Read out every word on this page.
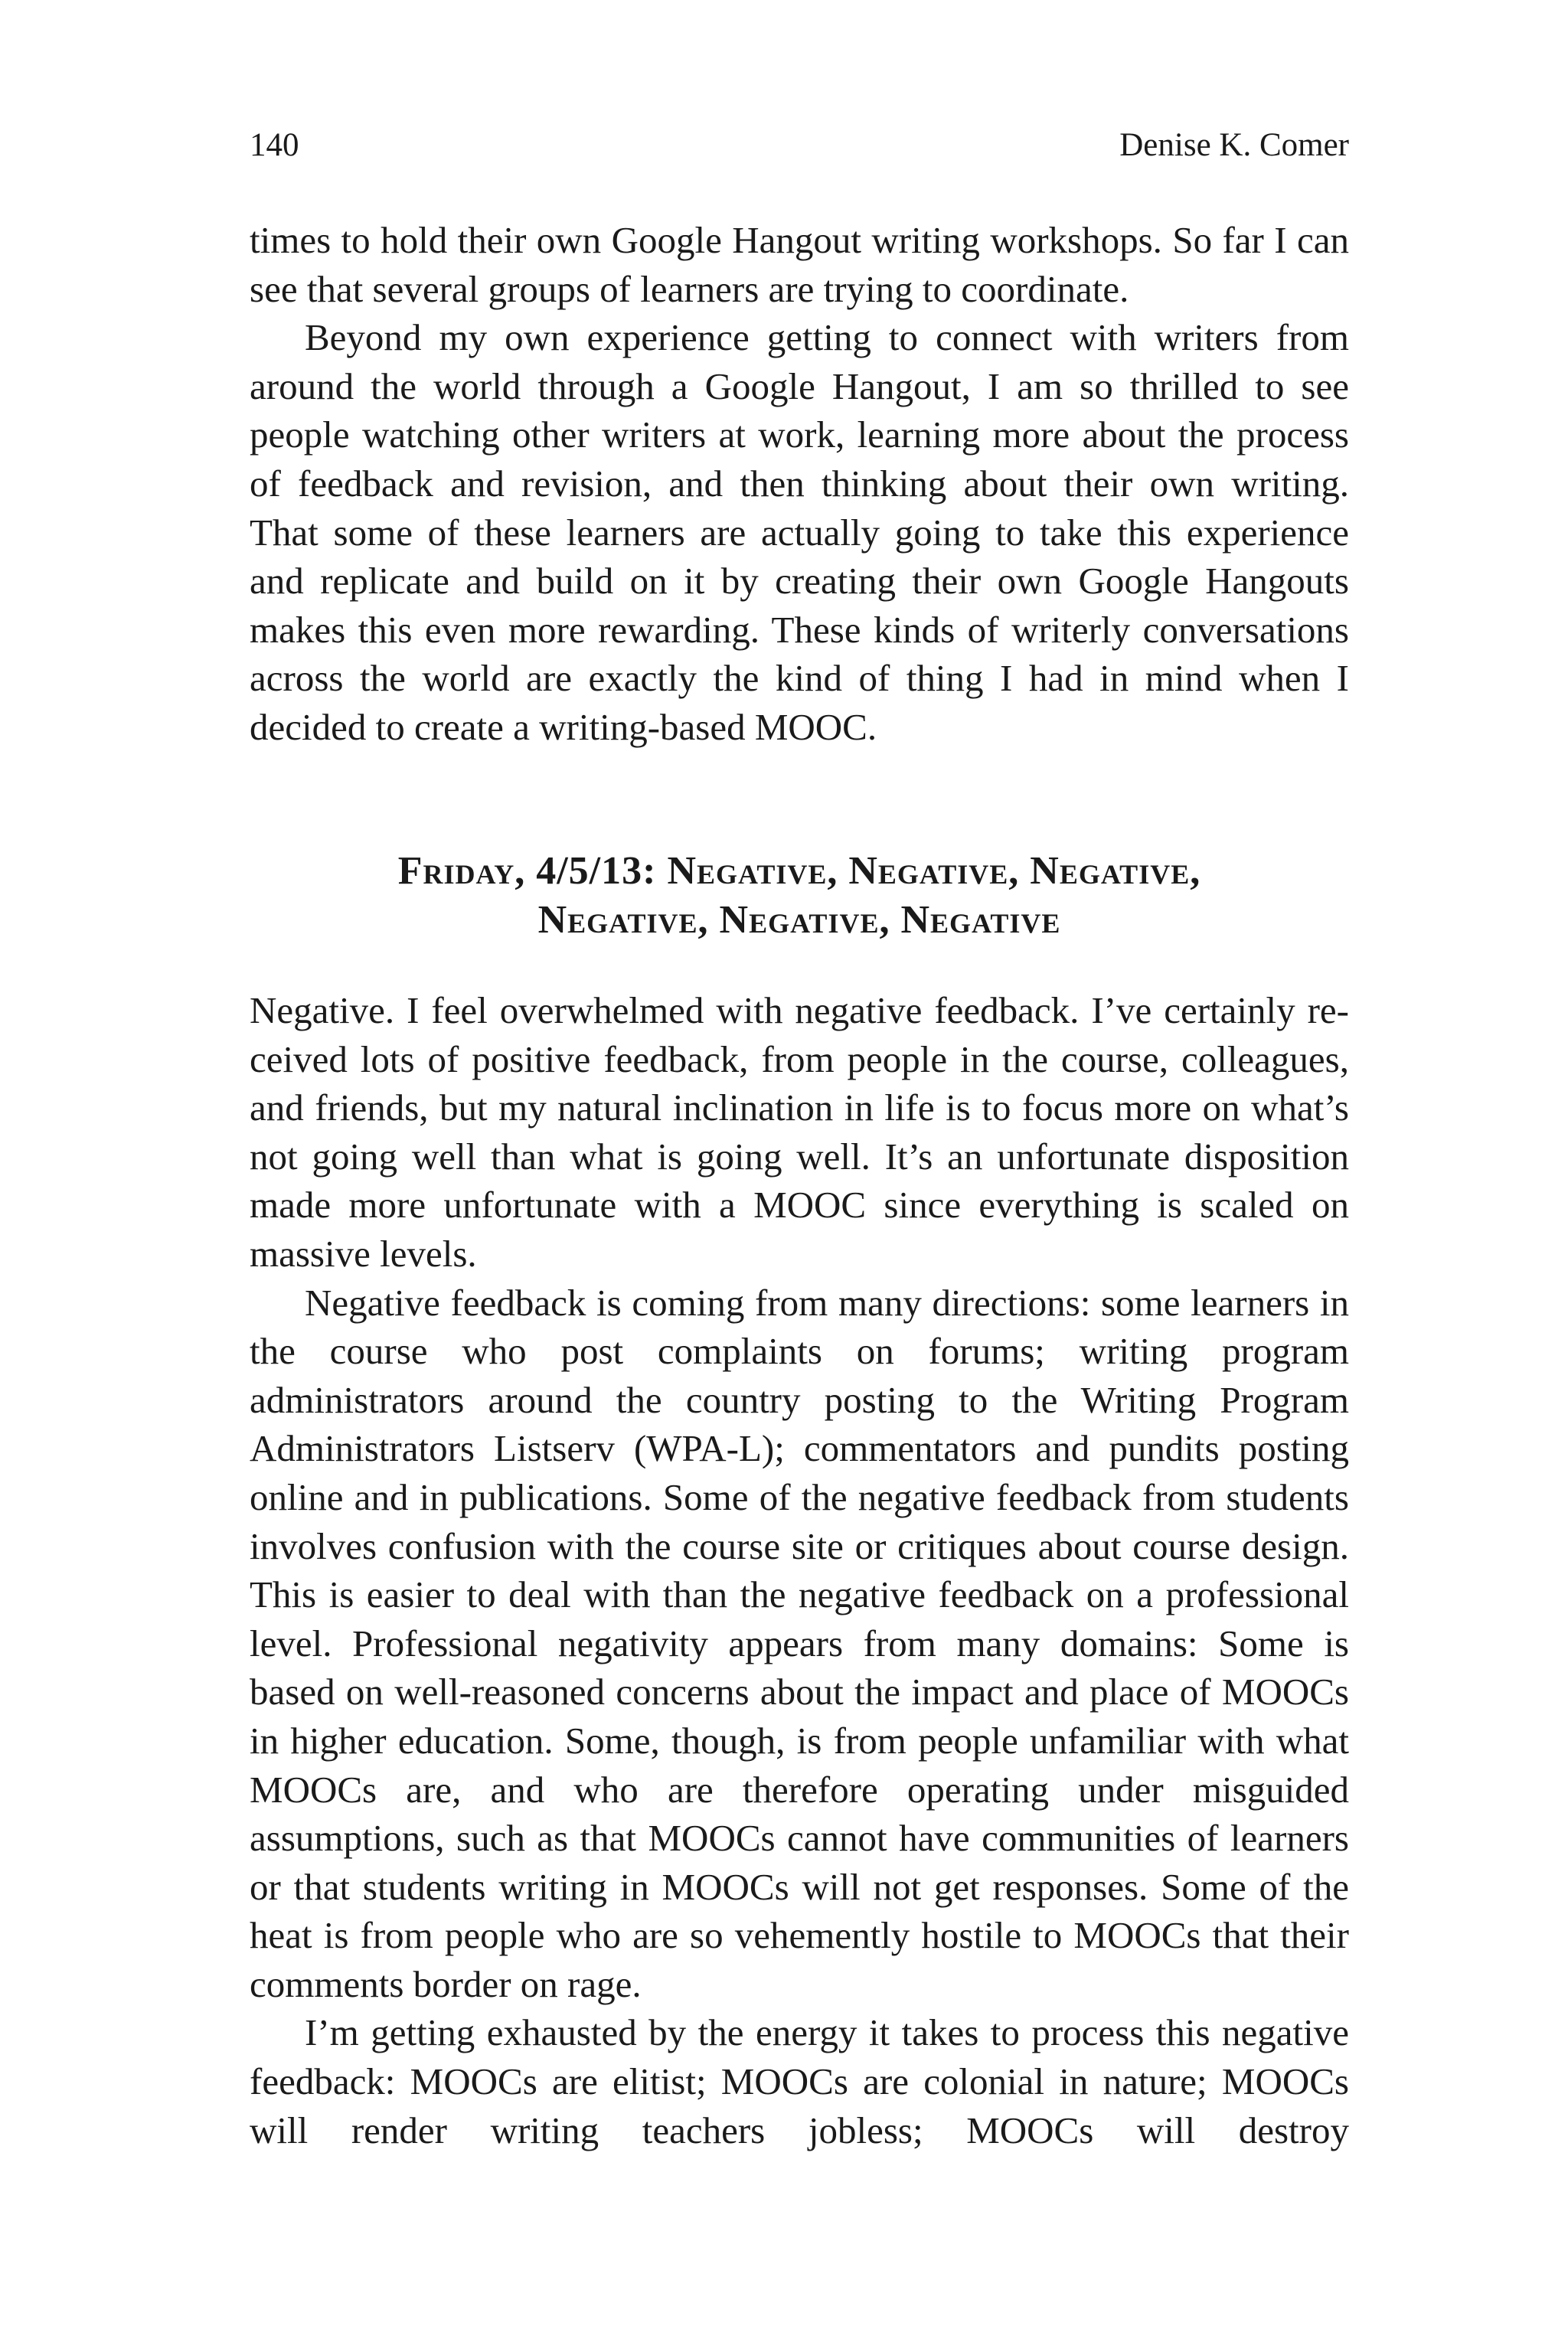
140	Denise K. Comer

times to hold their own Google Hangout writing workshops. So far I can see that several groups of learners are trying to coordinate.

Beyond my own experience getting to connect with writers from around the world through a Google Hangout, I am so thrilled to see people watching other writers at work, learning more about the process of feedback and revision, and then thinking about their own writing. That some of these learners are actually going to take this experience and replicate and build on it by creating their own Google Hangouts makes this even more rewarding. These kinds of writerly conversations across the world are exactly the kind of thing I had in mind when I decided to create a writing-based MOOC.

Friday, 4/5/13: Negative, Negative, Negative,
Negative, Negative, Negative

Negative. I feel overwhelmed with negative feedback. I’ve certainly received lots of positive feedback, from people in the course, colleagues, and friends, but my natural inclination in life is to focus more on what’s not going well than what is going well. It’s an unfortunate disposition made more unfortunate with a MOOC since everything is scaled on massive levels.

Negative feedback is coming from many directions: some learners in the course who post complaints on forums; writing program administrators around the country posting to the Writing Program Administrators Listserv (WPA-L); commentators and pundits posting online and in publications. Some of the negative feedback from students involves confusion with the course site or critiques about course design. This is easier to deal with than the negative feedback on a professional level. Professional negativity appears from many domains: Some is based on well-reasoned concerns about the impact and place of MOOCs in higher education. Some, though, is from people unfamiliar with what MOOCs are, and who are therefore operating under misguided assumptions, such as that MOOCs cannot have communities of learners or that students writing in MOOCs will not get responses. Some of the heat is from people who are so vehemently hostile to MOOCs that their comments border on rage.

I’m getting exhausted by the energy it takes to process this negative feedback: MOOCs are elitist; MOOCs are colonial in nature; MOOCs will render writing teachers jobless; MOOCs will destroy
